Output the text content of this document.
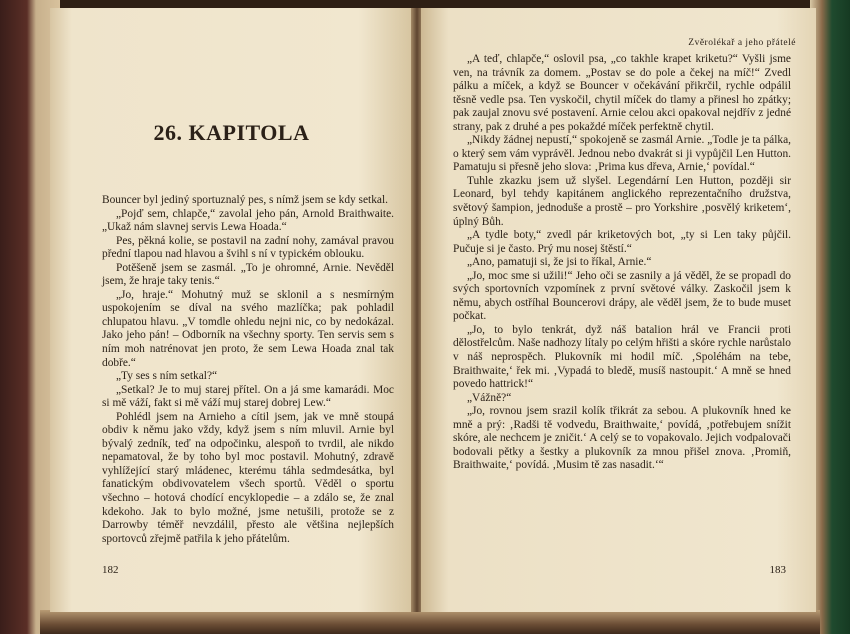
26. KAPITOLA

Bouncer byl jediný sportuznalý pes, s nímž jsem se kdy setkal.

„Pojď sem, chlapče,“ zavolal jeho pán, Arnold Braithwaite. „Ukaž nám slavnej servis Lewa Hoada.“

Pes, pěkná kolie, se postavil na zadní nohy, zamával pravou přední tlapou nad hlavou a švihl s ní v typickém oblouku.

Potěšeně jsem se zasmál. „To je ohromné, Arnie. Nevěděl jsem, že hraje taky tenis.“

„Jo, hraje.“ Mohutný muž se sklonil a s nesmírným uspokojením se díval na svého mazlíčka; pak pohladil chlupatou hlavu. „V tomdle ohledu nejni nic, co by nedokázal. Jako jeho pán! – Odborník na všechny sporty. Ten servis sem s ním moh natrénovat jen proto, že sem Lewa Hoada znal tak dobře.“

„Ty ses s ním setkal?“

„Setkal? Je to muj starej přítel. On a já sme kamarádi. Moc si mě váží, fakt si mě váží muj starej dobrej Lew.“

Pohlédl jsem na Arnieho a cítil jsem, jak ve mně stoupá obdiv k němu jako vždy, když jsem s ním mluvil. Arnie byl bývalý zedník, teď na odpočinku, alespoň to tvrdil, ale nikdo nepamatoval, že by toho byl moc postavil. Mohutný, zdravě vyhlížející starý mládenec, kterému táhla sedmdesátka, byl fanatickým obdivovatelem všech sportů. Věděl o sportu všechno – hotová chodící encyklopedie – a zdálo se, že znal kdekoho. Jak to bylo možné, jsme netušili, protože se z Darrowby téměř nevzdálil, přesto ale většina nejlepších sportovců zřejmě patřila k jeho přátelům.

182
Zvěrolékař a jeho přátelé

„A teď, chlapče,“ oslovil psa, „co takhle krapet kriketu?“ Vyšli jsme ven, na trávník za domem. „Postav se do pole a čekej na míč!“ Zvedl pálku a míček, a když se Bouncer v očekávání přikrčil, rychle odpálil těsně vedle psa. Ten vyskočil, chytil míček do tlamy a přinesl ho zpátky; pak zaujal znovu své postavení. Arnie celou akci opakoval nejdřív z jedné strany, pak z druhé a pes pokaždé míček perfektně chytil.

„Nikdy žádnej nepustí,“ spokojeně se zasmál Arnie. „Todle je ta pálka, o který sem vám vyprávěl. Jednou nebo dvakrát si ji vypůjčil Len Hutton. Pamatuju si přesně jeho slova: ‚Prima kus dřeva, Arnie,‘ povídal.“

Tuhle zkazku jsem už slyšel. Legendární Len Hutton, později sir Leonard, byl tehdy kapitánem anglického reprezentačního družstva, světový šampion, jednoduše a prostě – pro Yorkshire ‚posvělý kriketem‘, úplný Bůh.

„A tydle boty,“ zvedl pár kriketových bot, „ty si Len taky půjčil. Pučuje si je často. Prý mu nosej štěstí.“

„Ano, pamatuji si, že jsi to říkal, Arnie.“

„Jo, moc sme si užili!“ Jeho oči se zasnily a já věděl, že se propadl do svých sportovních vzpomínek z první světové války. Zaskočil jsem k němu, abych ostříhal Bouncerovi drápy, ale věděl jsem, že to bude muset počkat.

„Jo, to bylo tenkrát, dyž náš batalion hrál ve Francii proti dělostřelcům. Naše nadhozy lítaly po celým hřišti a skóre rychle narůstalo v náš neprospěch. Plukovník mi hodil míč. ‚Spoléhám na tebe, Braithwaite,‘ řek mi. ‚Vypadá to bledě, musíš nastoupit.‘ A mně se hned povedo hattrick!“

„Vážně?“

„Jo, rovnou jsem srazil kolík třikrát za sebou. A plukovník hned ke mně a prý: ‚Radši tě vodvedu, Braithwaite,‘ povídá, ‚potřebujem snížit skóre, ale nechcem je zničit.‘ A celý se to vopakovalo. Jejich vodpalovači bodovali pětky a šestky a plukovník za mnou přišel znova. ‚Promiň, Braithwaite,‘ povídá. ‚Musim tě zas nasadit.‘“

183
